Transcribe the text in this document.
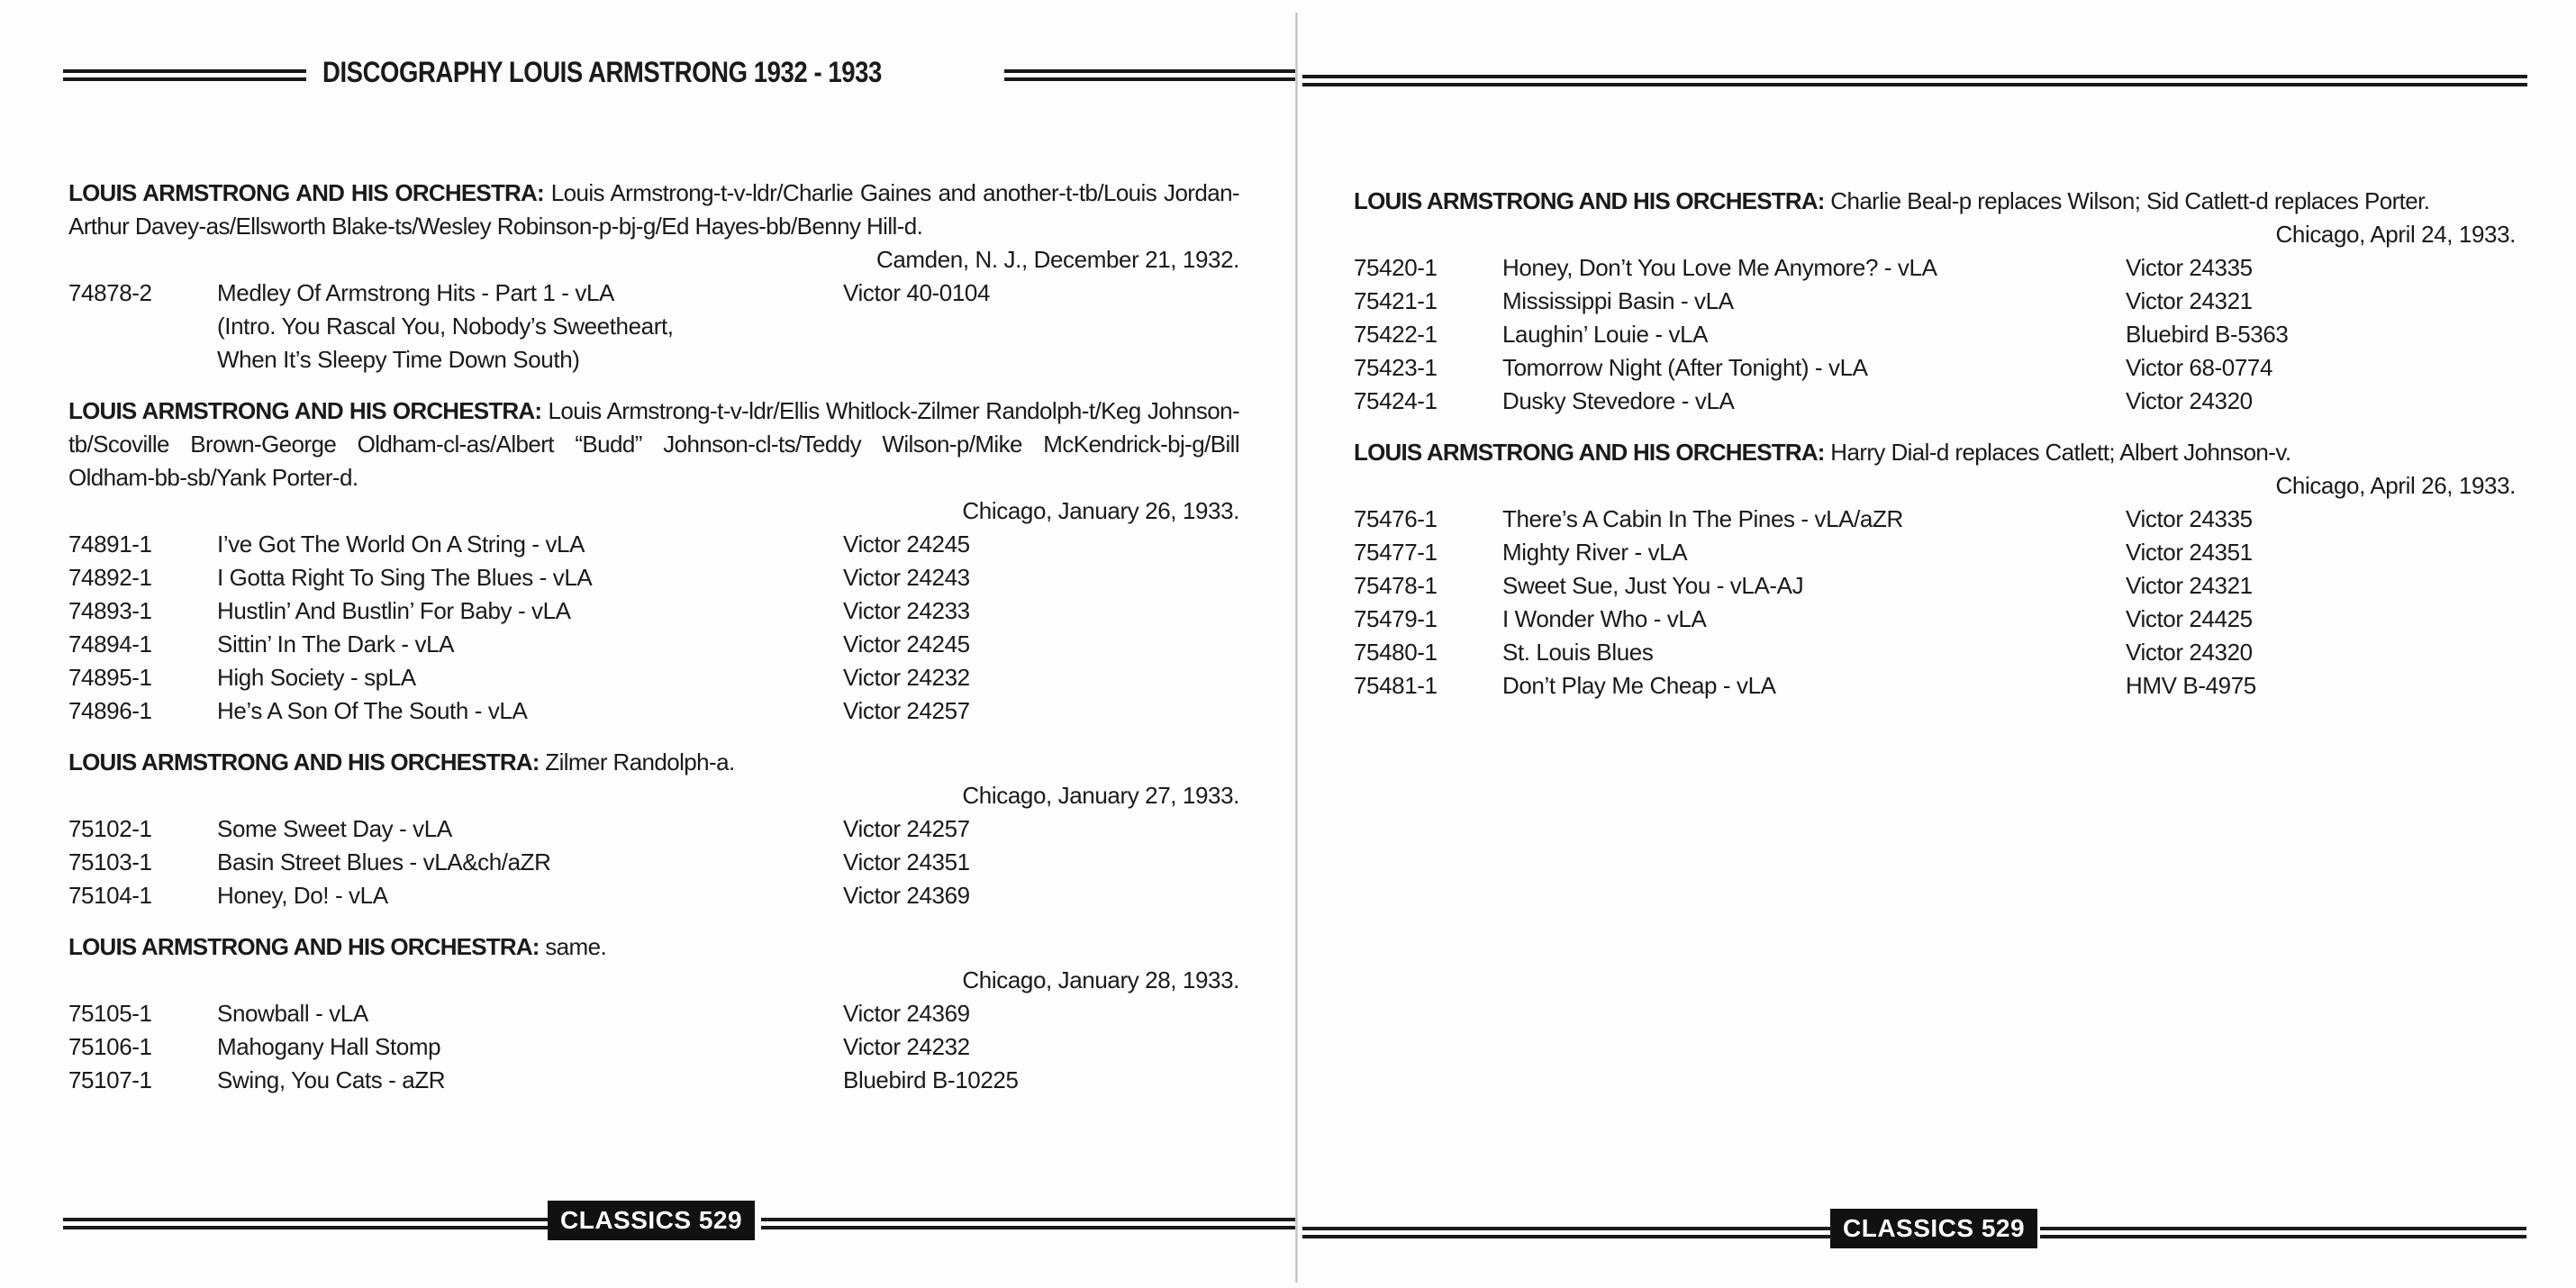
DISCOGRAPHY LOUIS ARMSTRONG 1932 - 1933
LOUIS ARMSTRONG AND HIS ORCHESTRA: Louis Armstrong-t-v-ldr/Charlie Gaines and another-t-tb/Louis Jordan-Arthur Davey-as/Ellsworth Blake-ts/Wesley Robinson-p-bj-g/Ed Hayes-bb/Benny Hill-d.
Camden, N. J., December 21, 1932.
74878-2	Medley Of Armstrong Hits - Part 1 - vLA	Victor 40-0104
(Intro. You Rascal You, Nobody’s Sweetheart,
When It’s Sleepy Time Down South)
LOUIS ARMSTRONG AND HIS ORCHESTRA: Louis Armstrong-t-v-ldr/Ellis Whitlock-Zilmer Randolph-t/Keg Johnson-tb/Scoville Brown-George Oldham-cl-as/Albert “Budd” Johnson-cl-ts/Teddy Wilson-p/Mike McKendrick-bj-g/Bill Oldham-bb-sb/Yank Porter-d.
Chicago, January 26, 1933.
74891-1	I’ve Got The World On A String - vLA	Victor 24245
74892-1	I Gotta Right To Sing The Blues - vLA	Victor 24243
74893-1	Hustlin’ And Bustlin’ For Baby - vLA	Victor 24233
74894-1	Sittin’ In The Dark - vLA	Victor 24245
74895-1	High Society - spLA	Victor 24232
74896-1	He’s A Son Of The South - vLA	Victor 24257
LOUIS ARMSTRONG AND HIS ORCHESTRA: Zilmer Randolph-a.
Chicago, January 27, 1933.
75102-1	Some Sweet Day - vLA	Victor 24257
75103-1	Basin Street Blues - vLA&ch/aZR	Victor 24351
75104-1	Honey, Do! - vLA	Victor 24369
LOUIS ARMSTRONG AND HIS ORCHESTRA: same.
Chicago, January 28, 1933.
75105-1	Snowball - vLA	Victor 24369
75106-1	Mahogany Hall Stomp	Victor 24232
75107-1	Swing, You Cats - aZR	Bluebird B-10225
CLASSICS 529
LOUIS ARMSTRONG AND HIS ORCHESTRA: Charlie Beal-p replaces Wilson; Sid Catlett-d replaces Porter.
Chicago, April 24, 1933.
75420-1	Honey, Don’t You Love Me Anymore? - vLA	Victor 24335
75421-1	Mississippi Basin - vLA	Victor 24321
75422-1	Laughin’ Louie - vLA	Bluebird B-5363
75423-1	Tomorrow Night (After Tonight) - vLA	Victor 68-0774
75424-1	Dusky Stevedore - vLA	Victor 24320
LOUIS ARMSTRONG AND HIS ORCHESTRA: Harry Dial-d replaces Catlett; Albert Johnson-v.
Chicago, April 26, 1933.
75476-1	There’s A Cabin In The Pines - vLA/aZR	Victor 24335
75477-1	Mighty River - vLA	Victor 24351
75478-1	Sweet Sue, Just You - vLA-AJ	Victor 24321
75479-1	I Wonder Who - vLA	Victor 24425
75480-1	St. Louis Blues	Victor 24320
75481-1	Don’t Play Me Cheap - vLA	HMV B-4975
CLASSICS 529
